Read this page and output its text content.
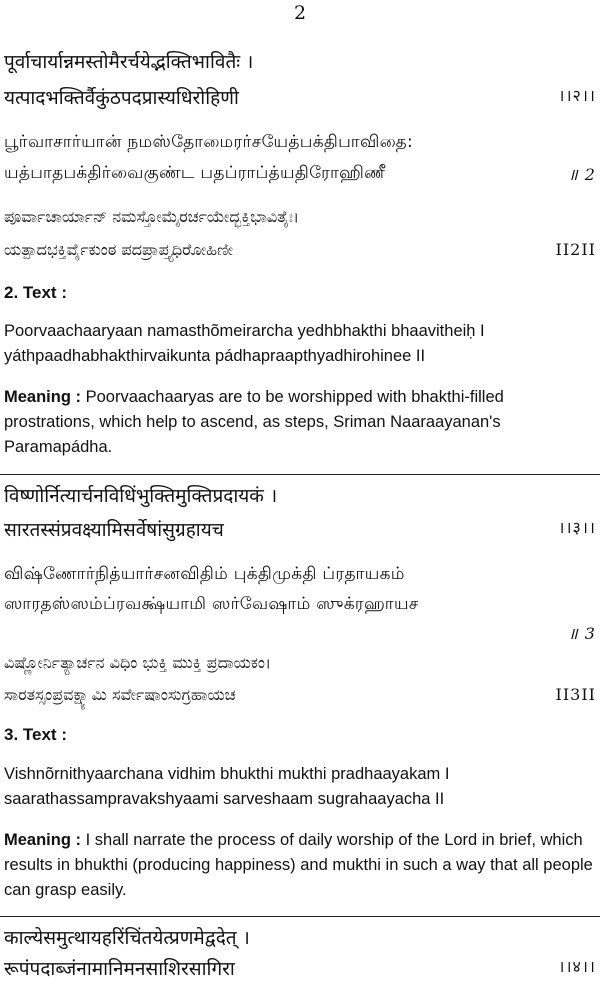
2
पूर्वाचार्यान्नमस्तोमैरर्चयेद्भक्तिभावितैः ।
यत्पादभक्तिर्वैकुंठपदप्रास्यधिरोहिणी	।।२।।
பூர்வாசார்யான் நமஸ்தோமைரர்சயேத்பக்திபாவிதை:
யத்பாதபக்திர்வைகுண்ட பதப்ராப்த்யதிரோஹிணீ	॥ 2
ಪೂರ್ವಾಚಾರ್ಯಾನ್ ನಮಸ್ತೋಮೈರರ್ಚಯೇದ್ಭಕ್ತಿಭಾವಿತೈಃ।
ಯತ್ಪಾದಭಕ್ತಿರ್ವೈಕುಂಠ ಪದಪ್ರಾಪ್ತ್ಯಧಿರೋಹಿಣೀ	II2II
2. Text :
Poorvaachaaryaan namasthõmeirarcha yedhbhakthi bhaavitheiḥ I
yáthpaadhabhakthirvaikunta pádhapraapthyadhirohinee II
Meaning : Poorvaachaaryas are to be worshipped with bhakthi-filled prostrations, which help to ascend, as steps, Sriman Naaraayanan's Paramapádha.
विष्णोर्नित्यार्चनविधिंभुक्तिमुक्तिप्रदायकं ।
सारतस्संप्रवक्ष्यामिसर्वेषांसुग्रहायच	।।३।।
விஷ்ணோர்நித்யார்சனவிதிம் புக்திமுக்தி ப்ரதாயகம்
ஸாரதஸ்ஸம்ப்ரவக்ஷ்யாமி ஸர்வேஷாம் ஸுக்ரஹாயச
॥ 3
ವಿಷ್ಣೋರ್ನಿತ್ಯಾರ್ಚನ ವಿಧಿಂ ಭುಕ್ತಿ ಮುಕ್ತಿ ಪ್ರದಾಯಕಂ।
ಸಾರತಸ್ಸಂಪ್ರವಕ್ಷ್ಯಾಮಿ ಸರ್ವೇಷಾಂಸುಗ್ರಹಾಯಚ	II3II
3. Text :
Vishnõrnithyaarchana vidhim bhukthi mukthi pradhaayakam I
saarathassampravakshyaami sarveshaam sugrahaayacha II
Meaning : I shall narrate the process of daily worship of the Lord in brief, which results in bhukthi (producing happiness) and mukthi in such a way that all people can grasp easily.
काल्येसमुत्थायहरिंचिंतयेत्प्रणमेद्वदेत् ।
रूपंपदाब्जंनामानिमनसाशिरसागिरा	।।४।।
